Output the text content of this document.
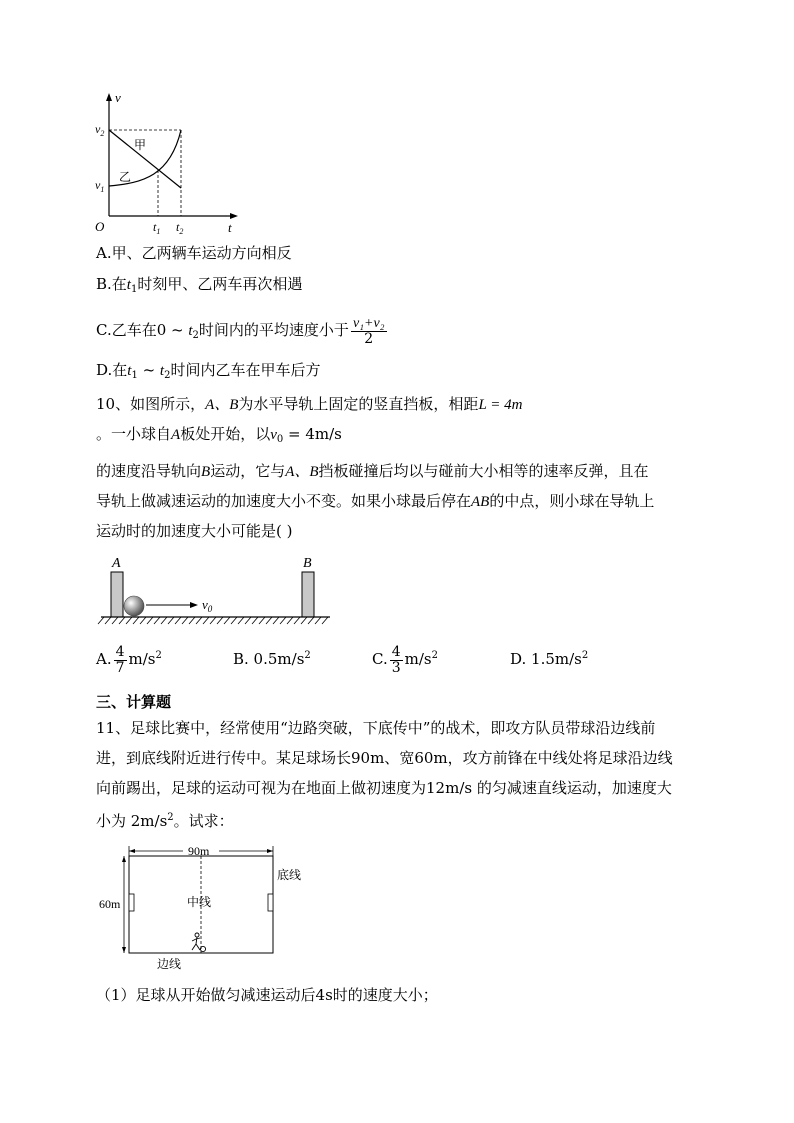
v
t
O
$v_2$
$v_1$
$t_1$ $t_2$
甲
乙
A.甲、乙两辆车运动方向相反
B.在$t_1$时刻甲、乙两车再次相遇
C.乙车在0 ~ $t_2$时间内的平均速度小于 $\frac{\text{v₁+v₂}}{2}$
D.在$t_1$ ~ $t_2$时间内乙车在甲车后方
10、如图所示，A、B为水平导轨上固定的竖直挡板，相距L = 4m
。一小球自A板处开始，以$v_0 = 4m/s$
的速度沿导轨向B运动，它与A、B挡板碰撞后均以与碰前大小相等的速率反弹，且在
导轨上做减速运动的加速度大小不变。如果小球最后停在AB的中点，则小球在导轨上
运动时的加速度大小可能是( )
A	B
$v_0$
A. $\frac{4}{7} m/s^2$	B. $0.5m/s^2$	C. $\frac{4}{3} m/s^2$	D. $1.5m/s^2$
三、计算题
11、足球比赛中，经常使用“边路突破，下底传中”的战术，即攻方队员带球沿边线前
进，到底线附近进行传中。某足球场长90m、宽60m，攻方前锋在中线处将足球沿边线
向前踢出，足球的运动可视为在地面上做初速度为12m/s 的匀减速直线运动，加速度大
小为 $2m/s^2$。试求：
90m
60m	中线
底线
边线
（1）足球从开始做匀减速运动后4s时的速度大小；
